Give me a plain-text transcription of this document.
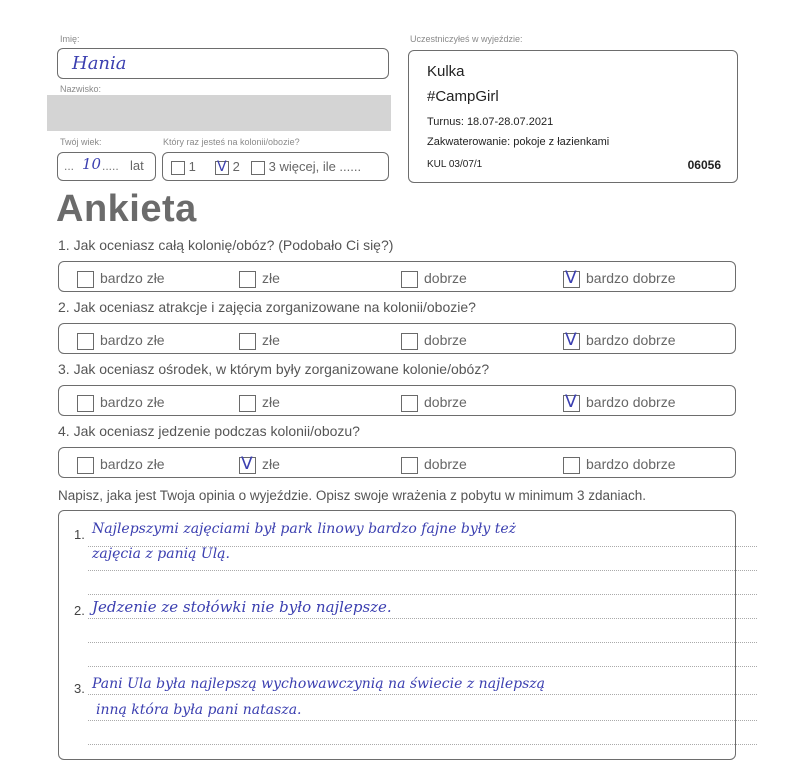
Imię:
Hania
Nazwisko:
Twój wiek:
... 10 ..... lat
Który raz jesteś na kolonii/obozie?
1 V	2	3 więcej, ile ......
Uczestniczyłeś w wyjeździe:
Kulka
#CampGirl
Turnus: 18.07-28.07.2021
Zakwaterowanie: pokoje z łazienkami
KUL 03/07/1	06056
Ankieta
1. Jak oceniasz całą kolonię/obóz? (Podobało Ci się?)
bardzo złe	złe	dobrze V	bardzo dobrze
2. Jak oceniasz atrakcje i zajęcia zorganizowane na kolonii/obozie?
bardzo złe	złe	dobrze V	bardzo dobrze
3. Jak oceniasz ośrodek, w którym były zorganizowane kolonie/obóz?
bardzo złe	złe	dobrze V	bardzo dobrze
4. Jak oceniasz jedzenie podczas kolonii/obozu?
bardzo złe V	złe	dobrze	bardzo dobrze
Napisz, jaka jest Twoja opinia o wyjeździe. Opisz swoje wrażenia z pobytu w minimum 3 zdaniach.
1. Najlepszymi zajęciami był park linowy bardzo fajne były też
zajęcia z panią Ulą.
2. Jedzenie ze stołówki nie było najlepsze.
3. Pani Ula była najlepszą wychowawczynią na świecie z najlepszą
inną która była pani natasza.
